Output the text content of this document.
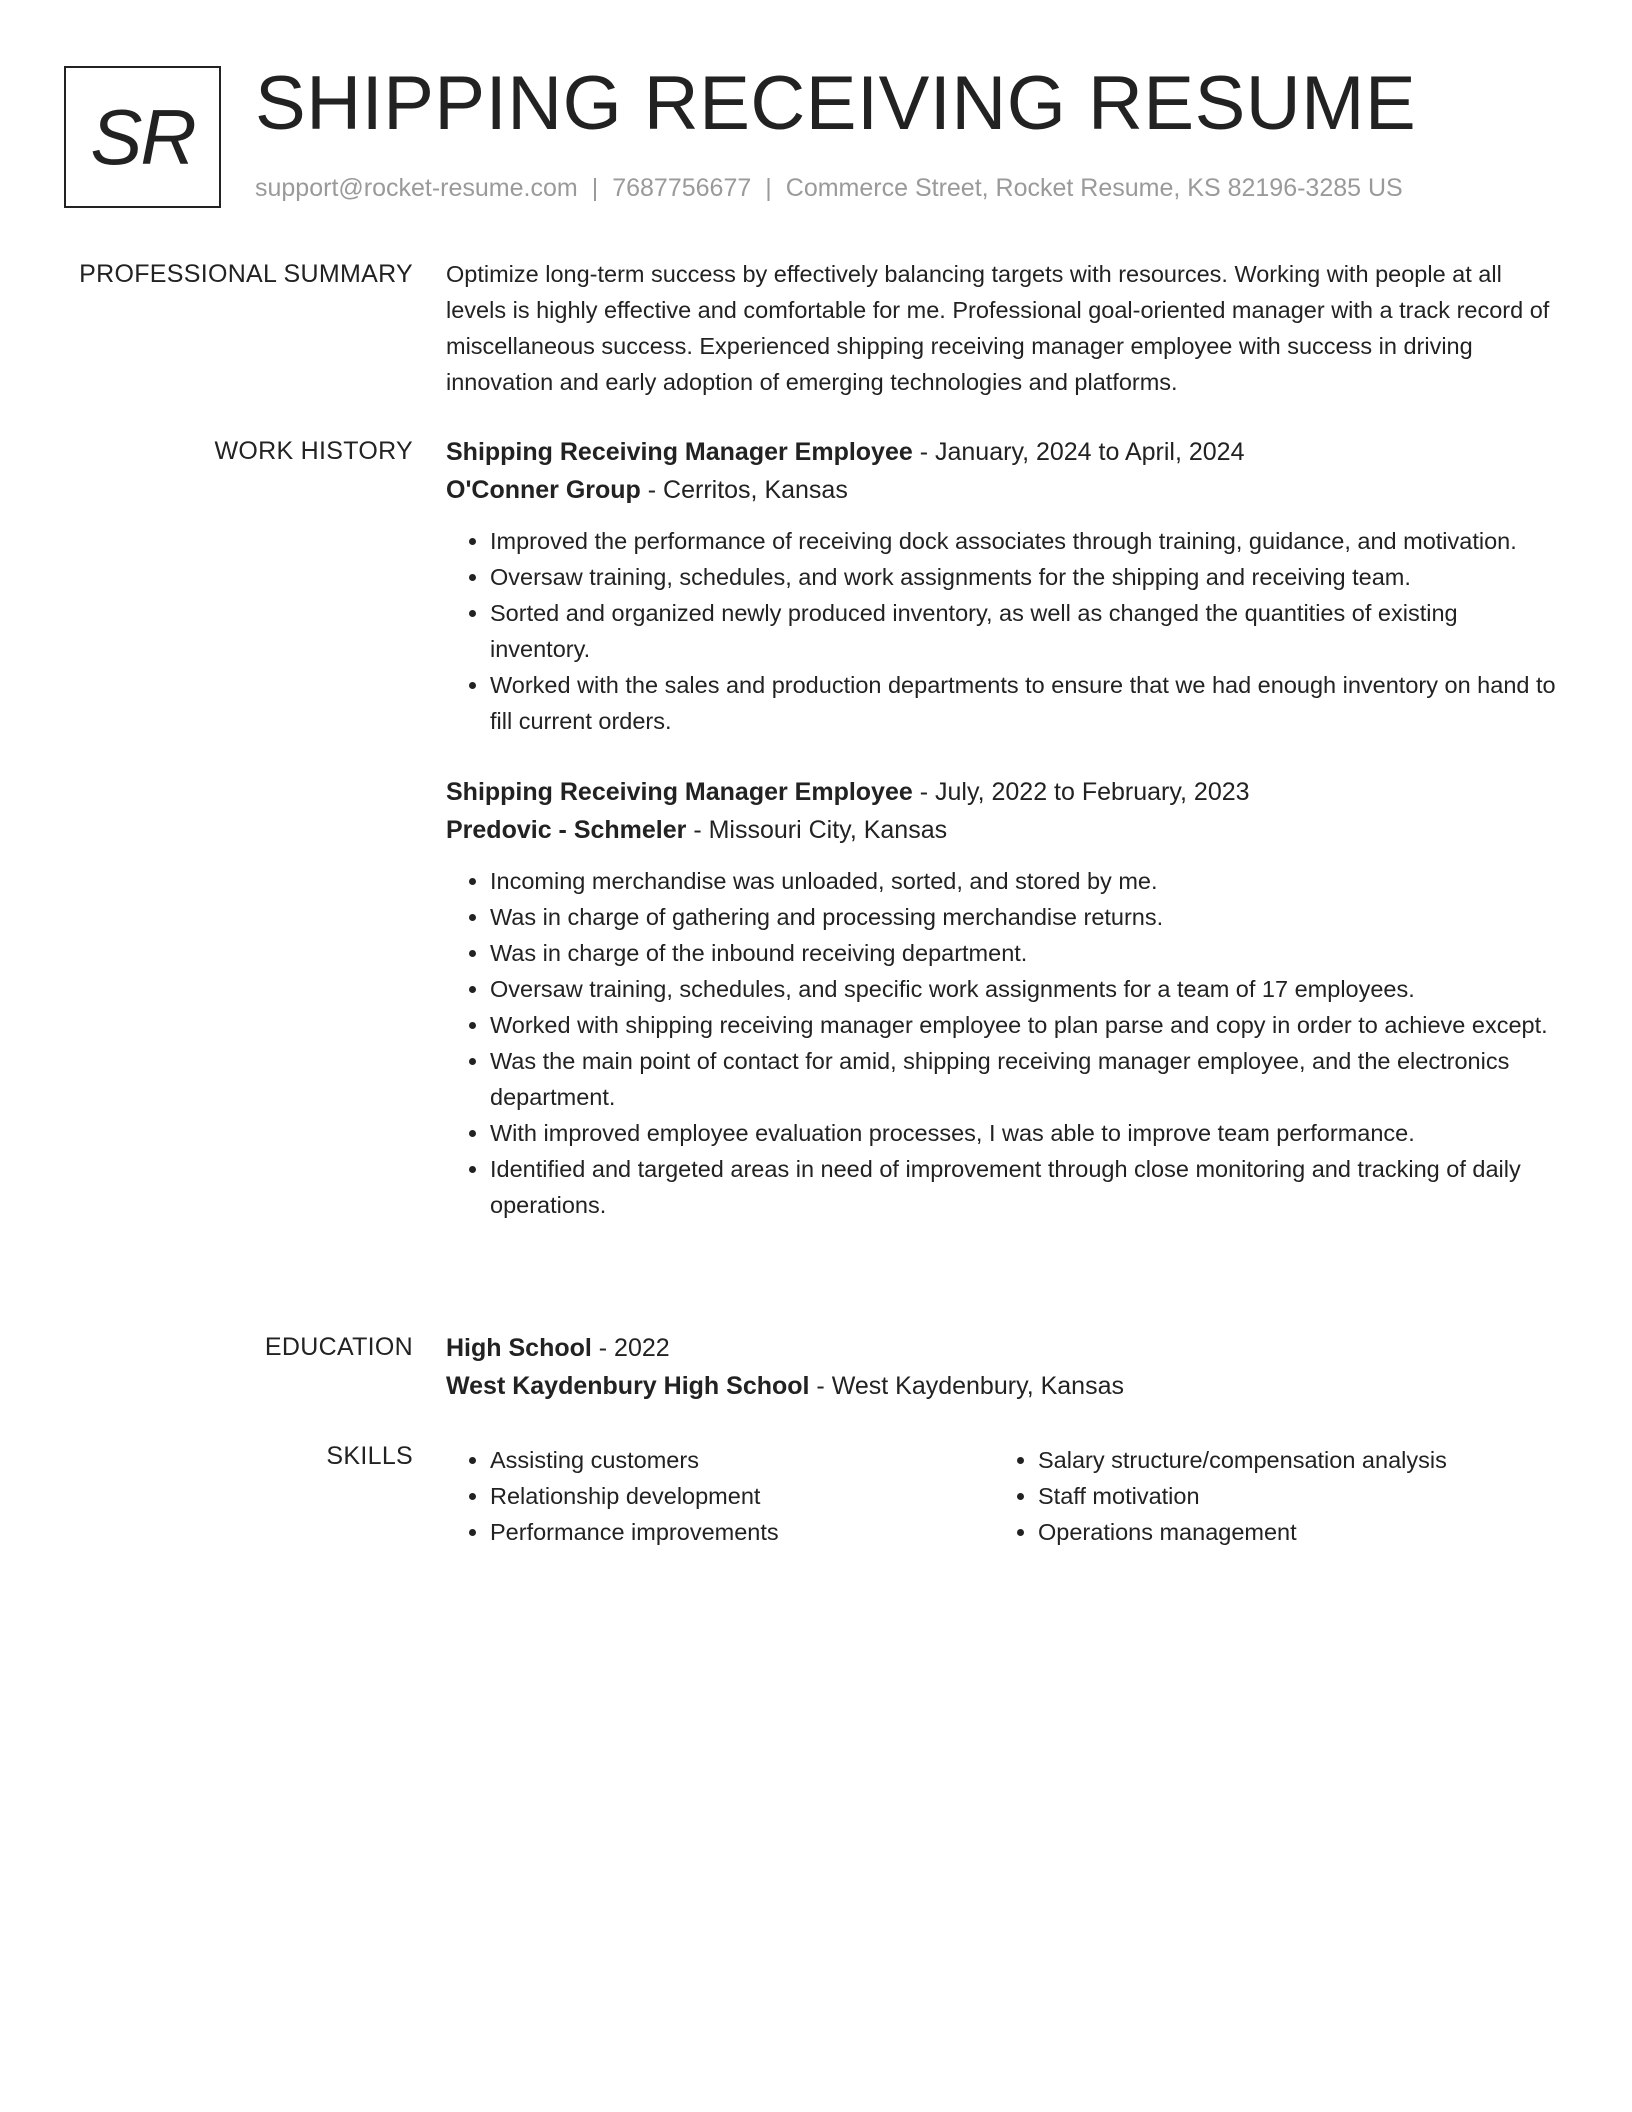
SR SHIPPING RECEIVING RESUME
support@rocket-resume.com | 7687756677 | Commerce Street, Rocket Resume, KS 82196-3285 US
PROFESSIONAL SUMMARY Optimize long-term success by effectively balancing targets with resources. Working with people at all levels is highly effective and comfortable for me. Professional goal-oriented manager with a track record of miscellaneous success. Experienced shipping receiving manager employee with success in driving innovation and early adoption of emerging technologies and platforms.

WORK HISTORY Shipping Receiving Manager Employee - January, 2024 to April, 2024

O'Conner Group - Cerritos, Kansas

• Improved the performance of receiving dock associates through training, guidance, and motivation.
• Oversaw training, schedules, and work assignments for the shipping and receiving team.
• Sorted and organized newly produced inventory, as well as changed the quantities of existing inventory.
• Worked with the sales and production departments to ensure that we had enough inventory on hand to fill current orders.

Shipping Receiving Manager Employee - July, 2022 to February, 2023

Predovic - Schmeler - Missouri City, Kansas

• Incoming merchandise was unloaded, sorted, and stored by me.
• Was in charge of gathering and processing merchandise returns.
• Was in charge of the inbound receiving department.
• Oversaw training, schedules, and specific work assignments for a team of 17 employees.
• Worked with shipping receiving manager employee to plan parse and copy in order to achieve except.
• Was the main point of contact for amid, shipping receiving manager employee, and the electronics department.
• With improved employee evaluation processes, I was able to improve team performance.
• Identified and targeted areas in need of improvement through close monitoring and tracking of daily operations.
EDUCATION High School - 2022

West Kaydenbury High School - West Kaydenbury, Kansas

SKILLS
•	Assisting customers
• Relationship development
• Performance improvements
• Salary structure/compensation analysis
• Staff motivation
• Operations management
